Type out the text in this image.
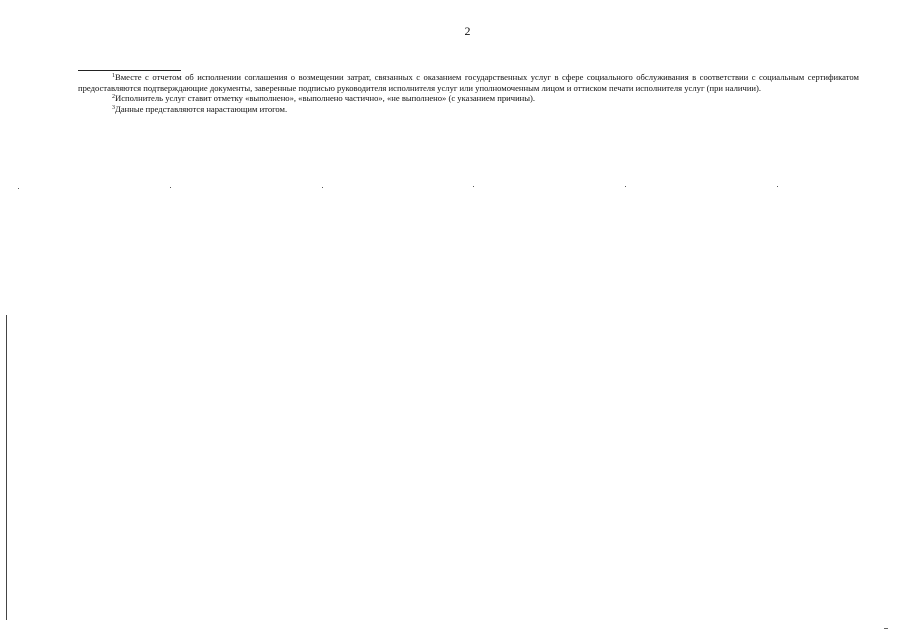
2

$^1$Вместе с отчетом об исполнении соглашения о возмещении затрат, связанных с оказанием государственных услуг в сфере социального обслуживания в соответствии с социальным сертификатом предоставляются подтверждающие документы, заверенные подписью руководителя исполнителя услуг или уполномоченным лицом и оттиском печати исполнителя услуг (при наличии).

$^2$Исполнитель услуг ставит отметку «выполнено», «выполнено частично», «не выполнено» (с указанием причины).

$^3$Данные представляются нарастающим итогом.
